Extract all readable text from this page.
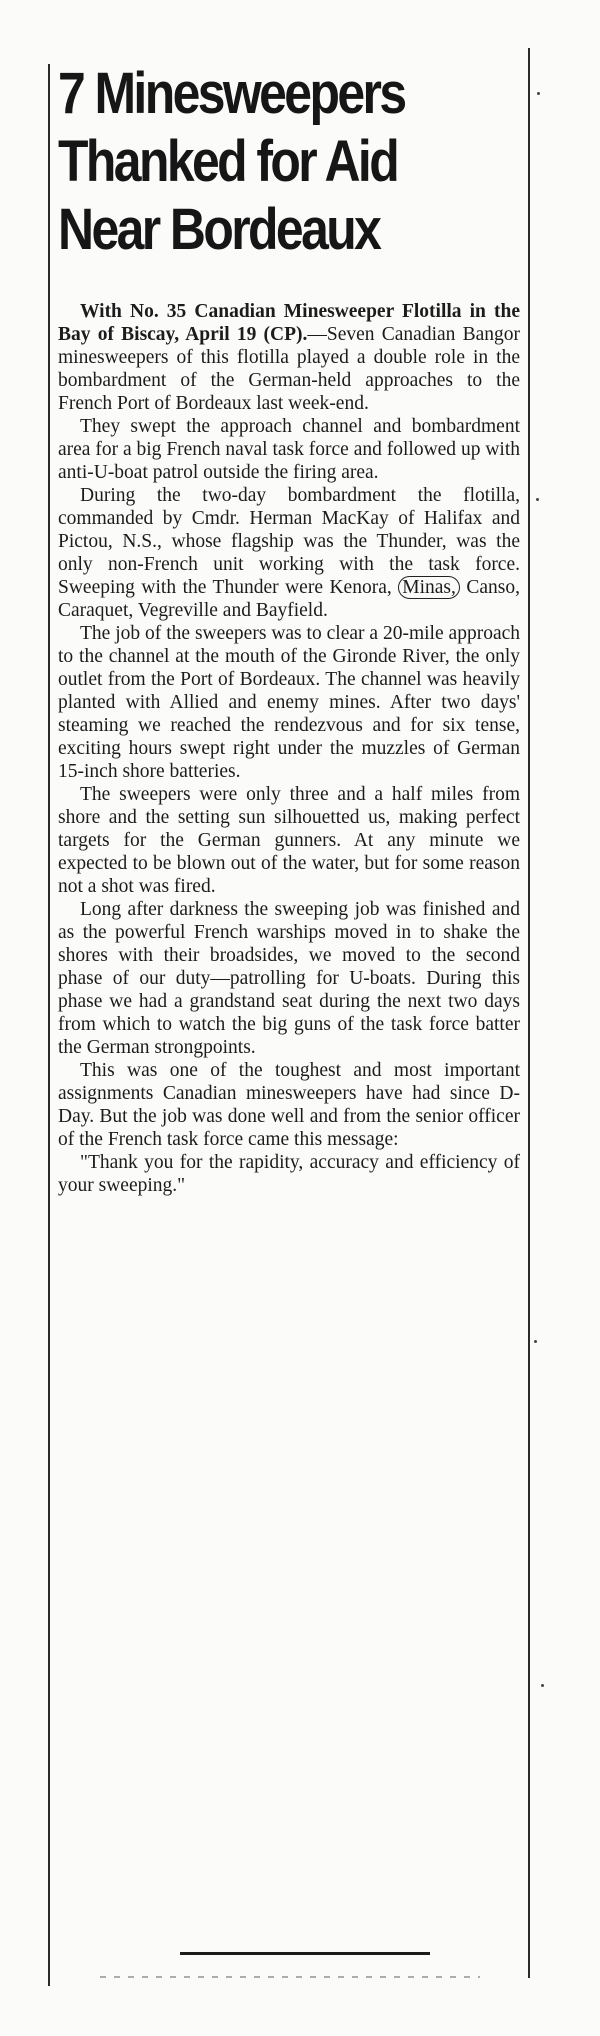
7 Minesweepers
Thanked for Aid
Near Bordeaux

With No. 35 Canadian Minesweeper Flotilla in the Bay of Biscay, April 19 (CP).—Seven Canadian Bangor minesweepers of this flotilla played a double role in the bombardment of the German-held approaches to the French Port of Bordeaux last week-end.

They swept the approach channel and bombardment area for a big French naval task force and followed up with anti-U-boat patrol outside the firing area.

During the two-day bombardment the flotilla, commanded by Cmdr. Herman MacKay of Halifax and Pictou, N.S., whose flagship was the Thunder, was the only non-French unit working with the task force. Sweeping with the Thunder were Kenora, Minas, Canso, Caraquet, Vegreville and Bayfield.

The job of the sweepers was to clear a 20-mile approach to the channel at the mouth of the Gironde River, the only outlet from the Port of Bordeaux. The channel was heavily planted with Allied and enemy mines. After two days' steaming we reached the rendezvous and for six tense, exciting hours swept right under the muzzles of German 15-inch shore batteries.

The sweepers were only three and a half miles from shore and the setting sun silhouetted us, making perfect targets for the German gunners. At any minute we expected to be blown out of the water, but for some reason not a shot was fired.

Long after darkness the sweeping job was finished and as the powerful French warships moved in to shake the shores with their broadsides, we moved to the second phase of our duty—patrolling for U-boats. During this phase we had a grandstand seat during the next two days from which to watch the big guns of the task force batter the German strongpoints.

This was one of the toughest and most important assignments Canadian minesweepers have had since D-Day. But the job was done well and from the senior officer of the French task force came this message:

"Thank you for the rapidity, accuracy and efficiency of your sweeping."
